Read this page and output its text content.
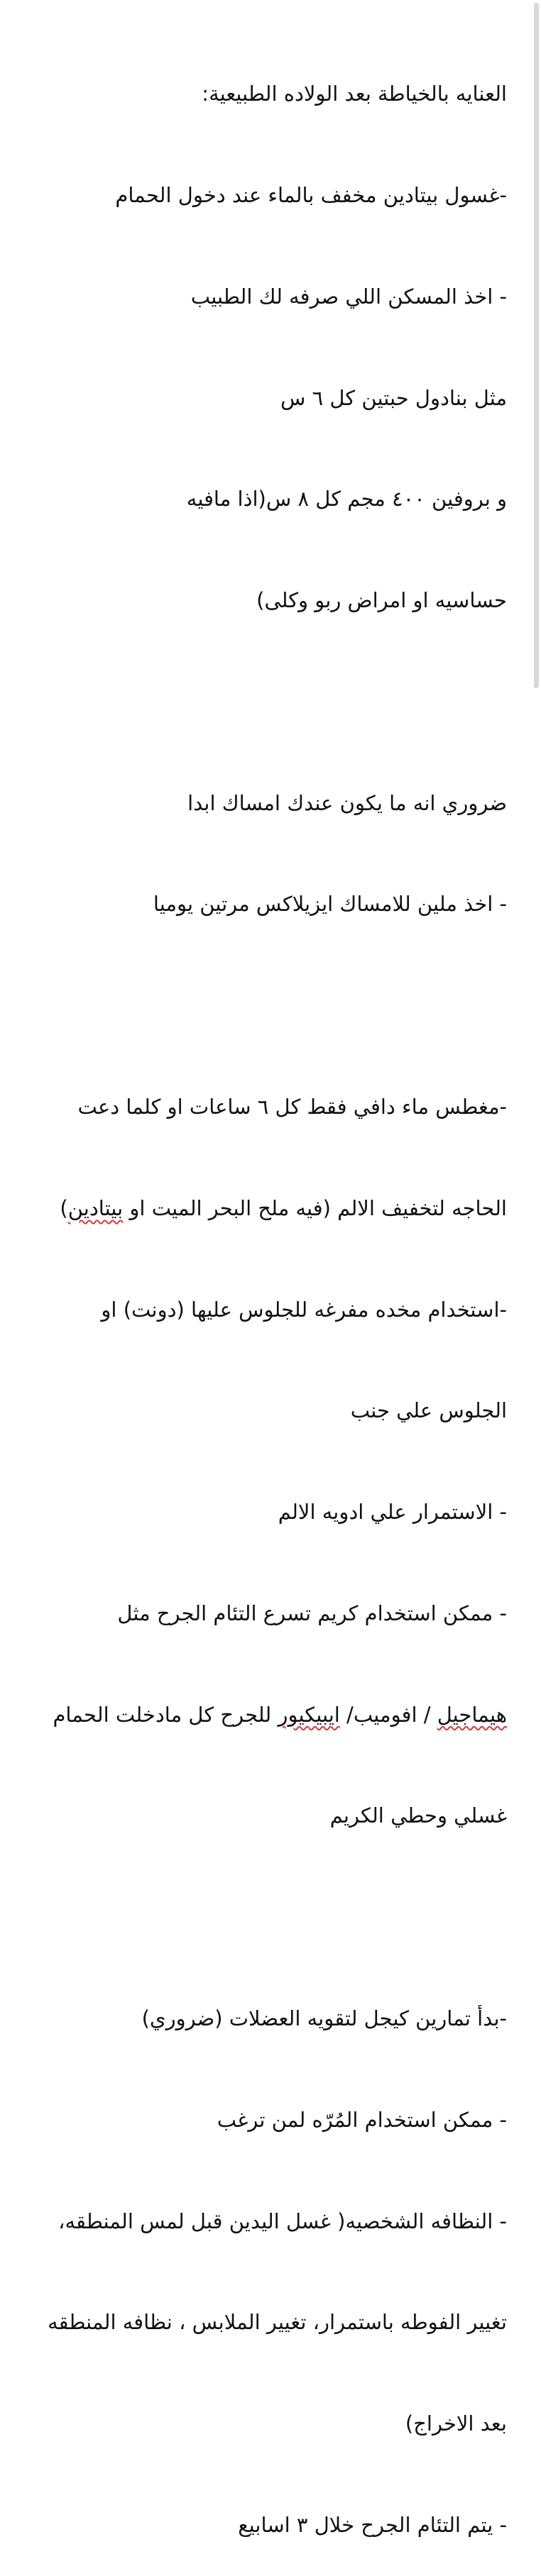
العنايه بالخياطة بعد الولاده الطبيعية:

-غسول بيتادين مخفف بالماء عند دخول الحمام

- اخذ المسكن اللي صرفه لك الطبيب

مثل بنادول حبتين كل ٦ س

و بروفين ٤٠٠ مجم كل ٨ س(اذا مافيه

حساسيه او امراض ربو وكلى)

ضروري انه ما يكون عندك امساك ابدا

- اخذ ملين للامساك ايزيلاكس مرتين يوميا

-مغطس ماء دافي فقط كل ٦ ساعات او كلما دعت

الحاجه لتخفيف الالم (فيه ملح البحر الميت او بيتادين)

-استخدام مخده مفرغه للجلوس عليها (دونت) او

الجلوس علي جنب

- الاستمرار علي ادويه الالم

- ممكن استخدام كريم تسرع التئام الجرح مثل

هيماجيل / افوميب/ ايبيكيور للجرح كل مادخلت الحمام

غسلي وحطي الكريم

-بدأ تمارين كيجل لتقويه العضلات (ضروري)

- ممكن استخدام المُرّه لمن ترغب

- النظافه الشخصيه( غسل اليدين قبل لمس المنطقه،

تغيير الفوطه باستمرار، تغيير الملابس ، نظافه المنطقه

بعد الاخراج)

- يتم التئام الجرح خلال ٣ اسابيع
